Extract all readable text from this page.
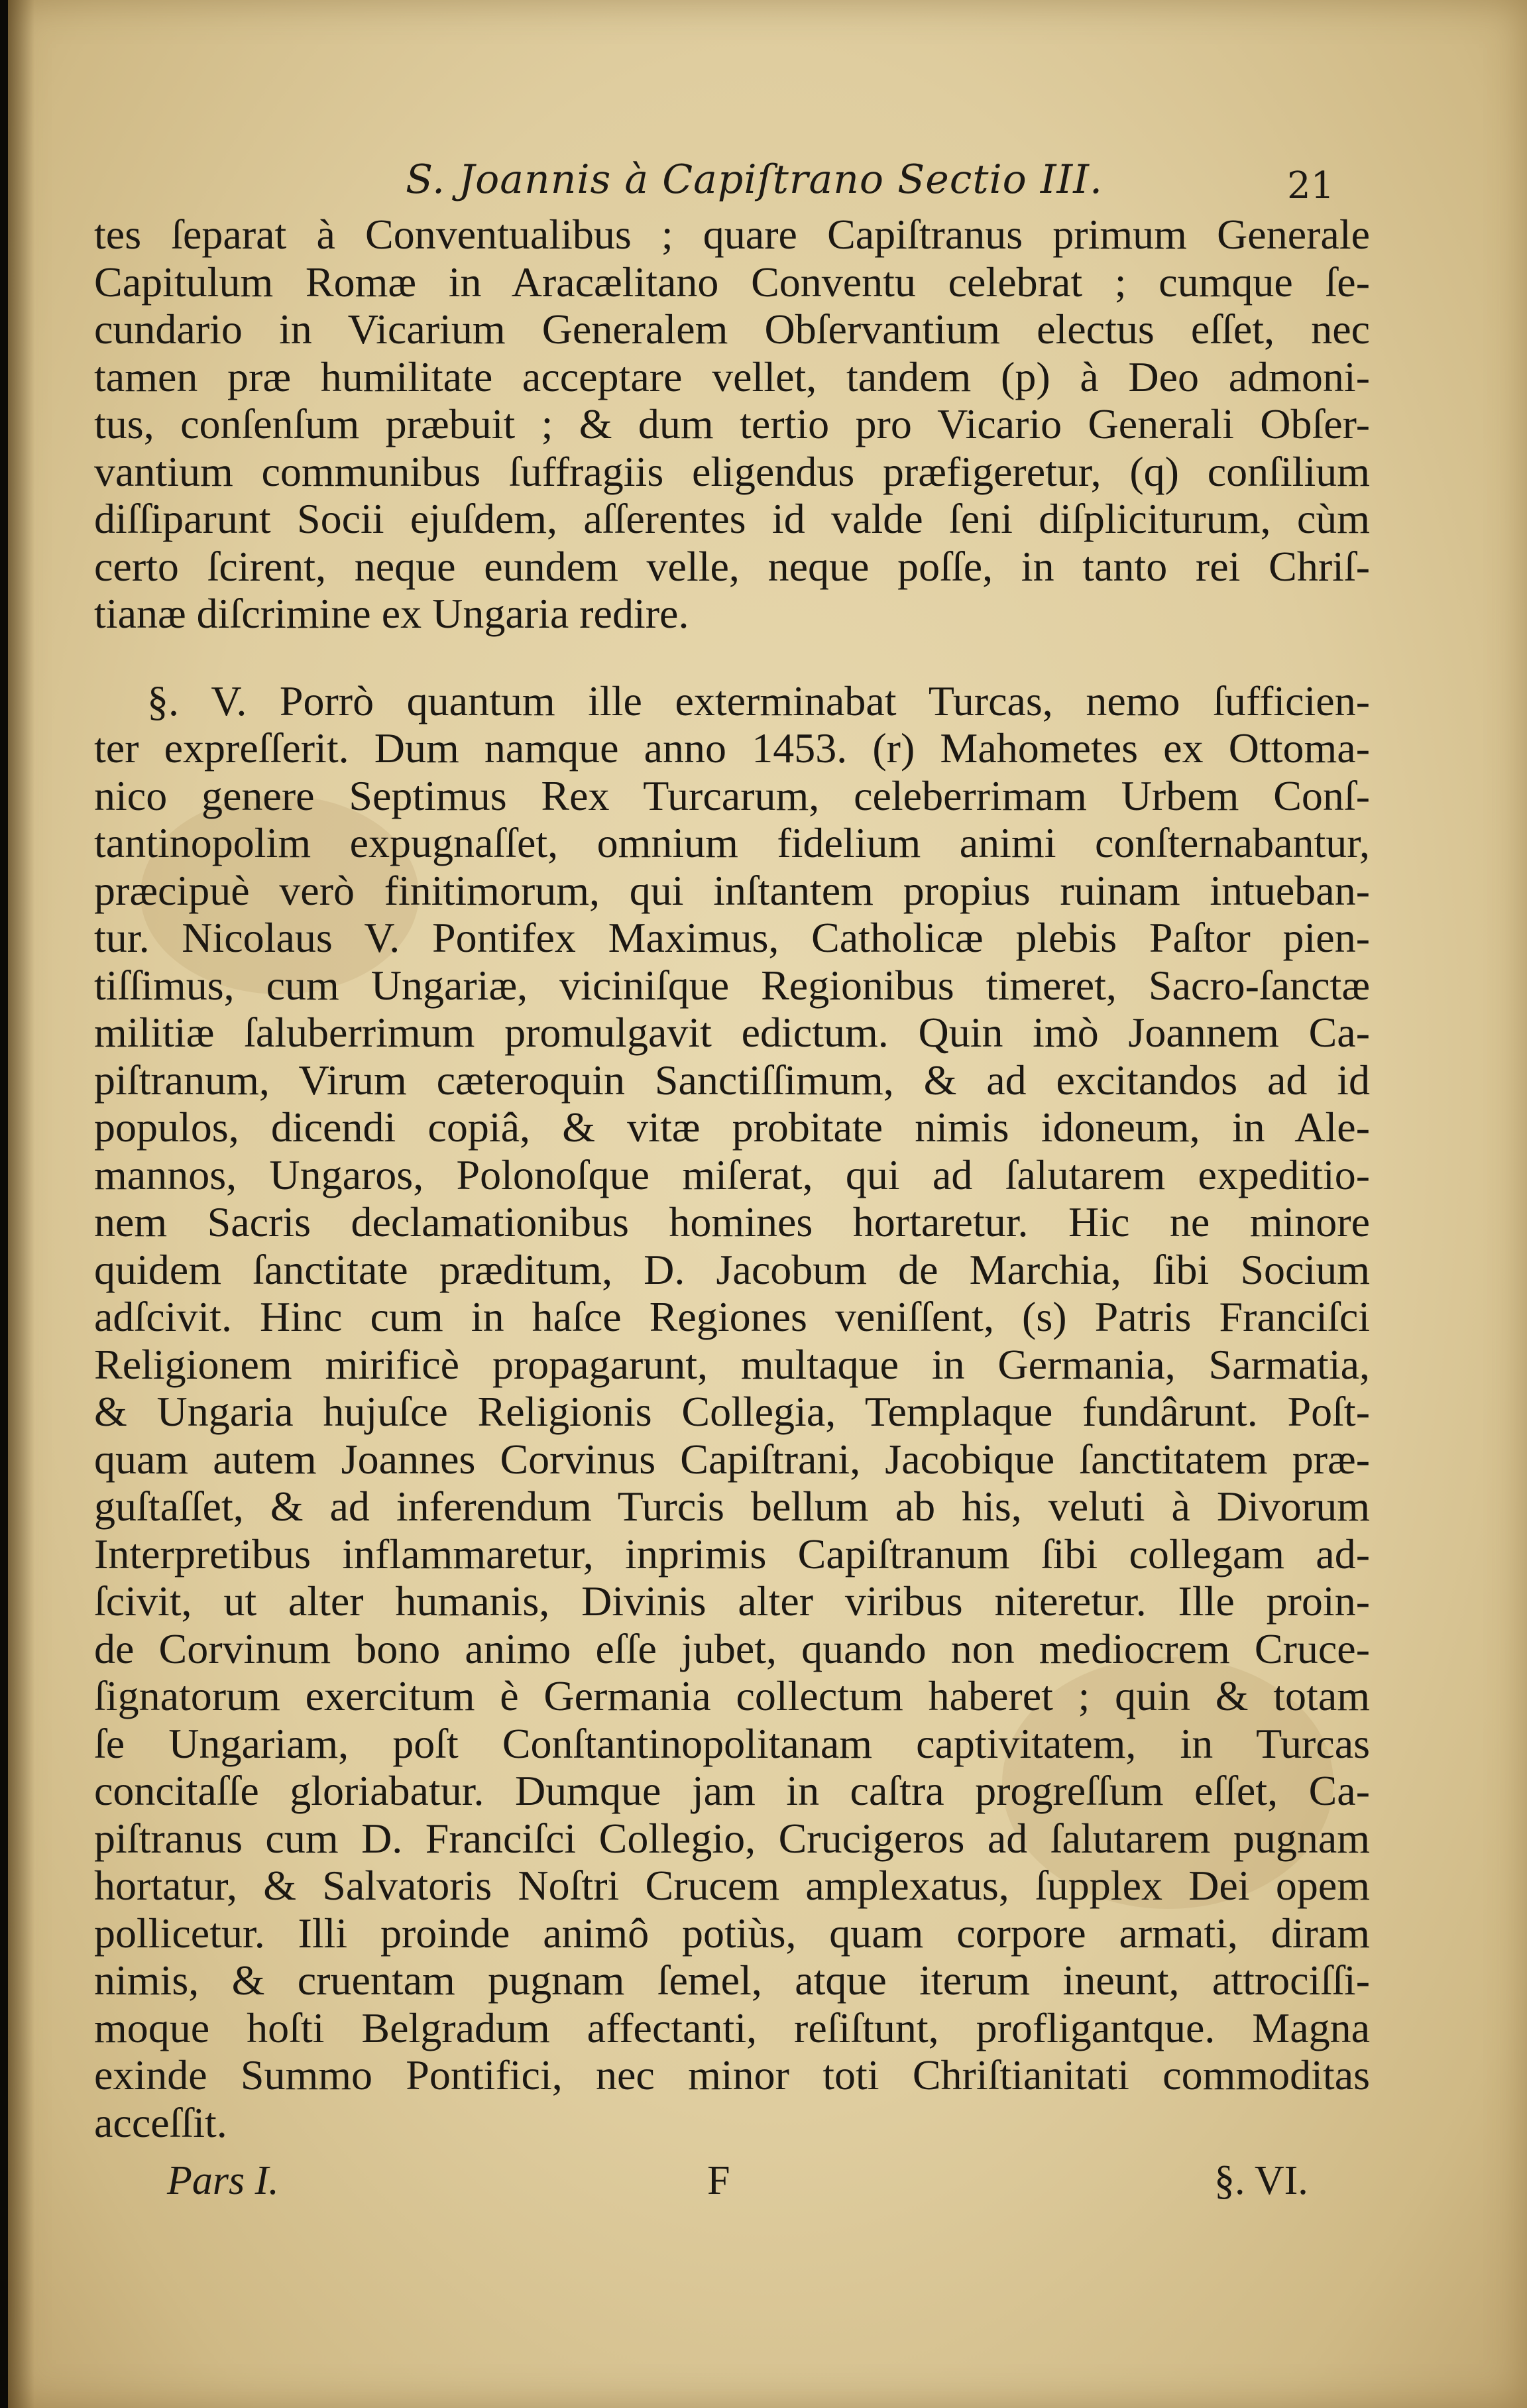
S. Joannis à Capiſtrano Sectio III.	21
tes ſeparat à Conventualibus ; quare Capiſtranus primum Generale
Capitulum Romæ in Aracælitano Conventu celebrat ; cumque ſe-
cundario in Vicarium Generalem Obſervantium electus eſſet, nec
tamen præ humilitate acceptare vellet, tandem (p) à Deo admoni-
tus, conſenſum præbuit ; & dum tertio pro Vicario Generali Obſer-
vantium communibus ſuffragiis eligendus præfigeretur, (q) conſilium
diſſiparunt Socii ejuſdem, aſſerentes id valde ſeni diſpliciturum, cùm
certo ſcirent, neque eundem velle, neque poſſe, in tanto rei Chriſ-
tianæ diſcrimine ex Ungaria redire.
§. V. Porrò quantum ille exterminabat Turcas, nemo ſufficien-
ter expreſſerit. Dum namque anno 1453. (r) Mahometes ex Ottoma-
nico genere Septimus Rex Turcarum, celeberrimam Urbem Conſ-
tantinopolim expugnaſſet, omnium fidelium animi conſternabantur,
præcipuè verò finitimorum, qui inſtantem propius ruinam intueban-
tur. Nicolaus V. Pontifex Maximus, Catholicæ plebis Paſtor pien-
tiſſimus, cum Ungariæ, viciniſque Regionibus timeret, Sacro-ſanctæ
militiæ ſaluberrimum promulgavit edictum. Quin imò Joannem Ca-
piſtranum, Virum cæteroquin Sanctiſſimum, & ad excitandos ad id
populos, dicendi copiâ, & vitæ probitate nimis idoneum, in Ale-
mannos, Ungaros, Polonoſque miſerat, qui ad ſalutarem expeditio-
nem Sacris declamationibus homines hortaretur. Hic ne minore
quidem ſanctitate præditum, D. Jacobum de Marchia, ſibi Socium
adſcivit. Hinc cum in haſce Regiones veniſſent, (s) Patris Franciſci
Religionem mirificè propagarunt, multaque in Germania, Sarmatia,
& Ungaria hujuſce Religionis Collegia, Templaque fundârunt. Poſt-
quam autem Joannes Corvinus Capiſtrani, Jacobique ſanctitatem præ-
guſtaſſet, & ad inferendum Turcis bellum ab his, veluti à Divorum
Interpretibus inflammaretur, inprimis Capiſtranum ſibi collegam ad-
ſcivit, ut alter humanis, Divinis alter viribus niteretur. Ille proin-
de Corvinum bono animo eſſe jubet, quando non mediocrem Cruce-
ſignatorum exercitum è Germania collectum haberet ; quin & totam
ſe Ungariam, poſt Conſtantinopolitanam captivitatem, in Turcas
concitaſſe gloriabatur. Dumque jam in caſtra progreſſum eſſet, Ca-
piſtranus cum D. Franciſci Collegio, Crucigeros ad ſalutarem pugnam
hortatur, & Salvatoris Noſtri Crucem amplexatus, ſupplex Dei opem
pollicetur. Illi proinde animô potiùs, quam corpore armati, diram
nimis, & cruentam pugnam ſemel, atque iterum ineunt, attrociſſi-
moque hoſti Belgradum affectanti, reſiſtunt, profligantque. Magna
exinde Summo Pontifici, nec minor toti Chriſtianitati commoditas
acceſſit.
Pars I.	F	§. VI.
